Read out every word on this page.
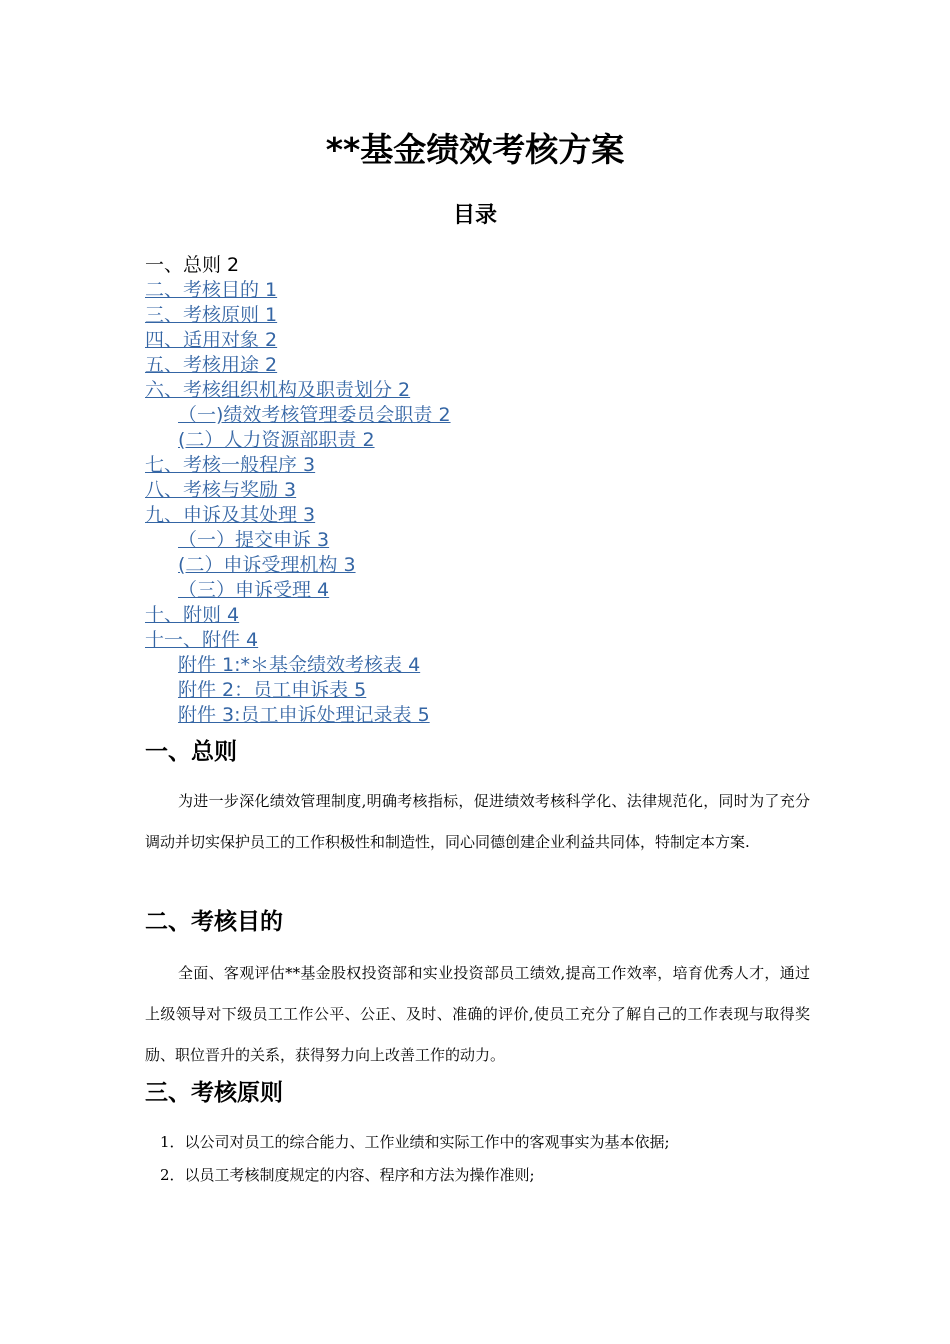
**基金绩效考核方案
目录
一、总则 2
二、考核目的 1
三、考核原则 1
四、适用对象 2
五、考核用途 2
六、考核组织机构及职责划分 2
（一)绩效考核管理委员会职责 2
(二）人力资源部职责 2
七、考核一般程序 3
八、考核与奖励 3
九、申诉及其处理 3
（一）提交申诉 3
(二）申诉受理机构 3
（三）申诉受理 4
十、附则 4
十一、附件 4
附件 1:*＊基金绩效考核表 4
附件 2：员工申诉表 5
附件 3:员工申诉处理记录表 5
一、总则

为进一步深化绩效管理制度,明确考核指标，促进绩效考核科学化、法律规范化，同时为了充分调动并切实保护员工的工作积极性和制造性，同心同德创建企业利益共同体，特制定本方案.

二、考核目的

全面、客观评估**基金股权投资部和实业投资部员工绩效,提高工作效率，培育优秀人才，通过上级领导对下级员工工作公平、公正、及时、准确的评价,使员工充分了解自己的工作表现与取得奖励、职位晋升的关系，获得努力向上改善工作的动力。

三、考核原则
1．以公司对员工的综合能力、工作业绩和实际工作中的客观事实为基本依据;
2．以员工考核制度规定的内容、程序和方法为操作准则;
